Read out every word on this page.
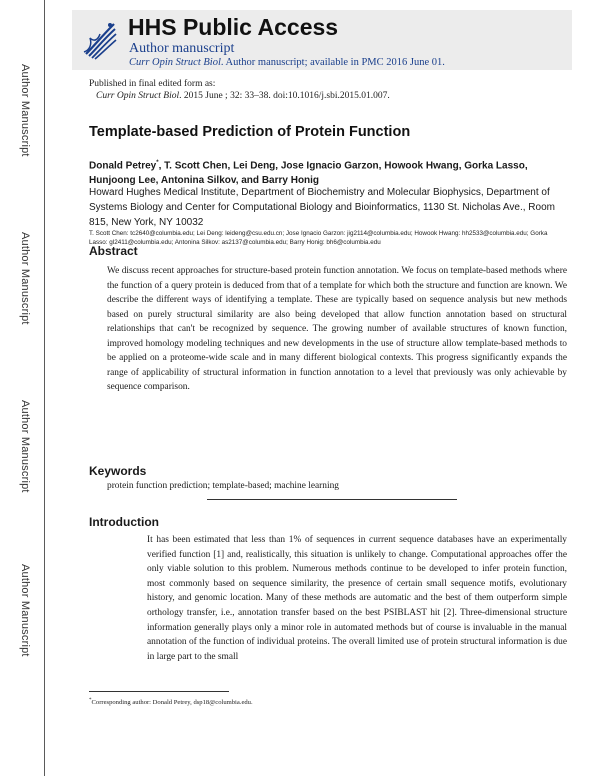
Author Manuscript
Author Manuscript
Author Manuscript
Author Manuscript
HHS Public Access
Author manuscript
Curr Opin Struct Biol. Author manuscript; available in PMC 2016 June 01.
Published in final edited form as:
Curr Opin Struct Biol. 2015 June ; 32: 33–38. doi:10.1016/j.sbi.2015.01.007.
Template-based Prediction of Protein Function
Donald Petrey*, T. Scott Chen, Lei Deng, Jose Ignacio Garzon, Howook Hwang, Gorka Lasso, Hunjoong Lee, Antonina Silkov, and Barry Honig
Howard Hughes Medical Institute, Department of Biochemistry and Molecular Biophysics, Department of Systems Biology and Center for Computational Biology and Bioinformatics, 1130 St. Nicholas Ave., Room 815, New York, NY 10032
T. Scott Chen: tc2640@columbia.edu; Lei Deng: leideng@csu.edu.cn; Jose Ignacio Garzon: jig2114@columbia.edu; Howook Hwang: hh2533@columbia.edu; Gorka Lasso: gl2411@columbia.edu; Antonina Silkov: as2137@columbia.edu; Barry Honig: bh6@columbia.edu
Abstract
We discuss recent approaches for structure-based protein function annotation. We focus on template-based methods where the function of a query protein is deduced from that of a template for which both the structure and function are known. We describe the different ways of identifying a template. These are typically based on sequence analysis but new methods based on purely structural similarity are also being developed that allow function annotation based on structural relationships that can't be recognized by sequence. The growing number of available structures of known function, improved homology modeling techniques and new developments in the use of structure allow template-based methods to be applied on a proteome-wide scale and in many different biological contexts. This progress significantly expands the range of applicability of structural information in function annotation to a level that previously was only achievable by sequence comparison.
Keywords
protein function prediction; template-based; machine learning
Introduction
It has been estimated that less than 1% of sequences in current sequence databases have an experimentally verified function [1] and, realistically, this situation is unlikely to change. Computational approaches offer the only viable solution to this problem. Numerous methods continue to be developed to infer protein function, most commonly based on sequence similarity, the presence of certain small sequence motifs, evolutionary history, and genomic location. Many of these methods are automatic and the best of them outperform simple orthology transfer, i.e., annotation transfer based on the best PSIBLAST hit [2]. Three-dimensional structure information generally plays only a minor role in automated methods but of course is invaluable in the manual annotation of the function of individual proteins. The overall limited use of protein structural information is due in large part to the small
*Corresponding author: Donald Petrey, dsp18@columbia.edu.
